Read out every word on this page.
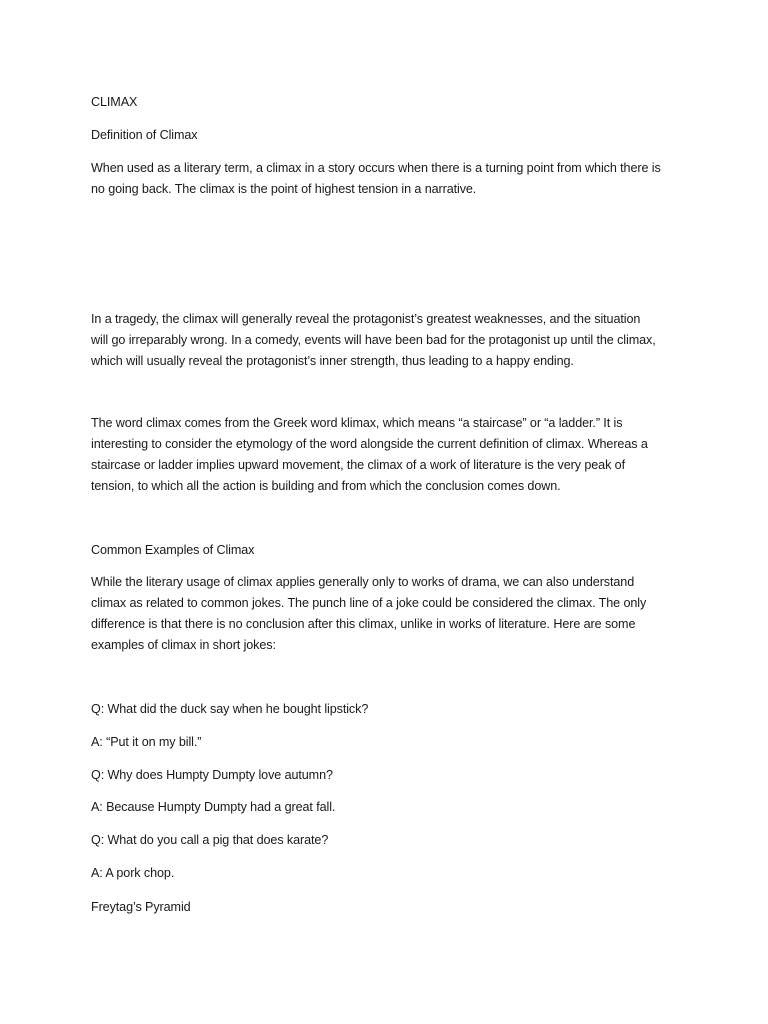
CLIMAX

Definition of Climax

When used as a literary term, a climax in a story occurs when there is a turning point from which there is

no going back. The climax is the point of highest tension in a narrative.

In a tragedy, the climax will generally reveal the protagonist’s greatest weaknesses, and the situation

will go irreparably wrong. In a comedy, events will have been bad for the protagonist up until the climax,

which will usually reveal the protagonist’s inner strength, thus leading to a happy ending.

The word climax comes from the Greek word klimax, which means “a staircase” or “a ladder.” It is

interesting to consider the etymology of the word alongside the current definition of climax. Whereas a

staircase or ladder implies upward movement, the climax of a work of literature is the very peak of

tension, to which all the action is building and from which the conclusion comes down.

Common Examples of Climax

While the literary usage of climax applies generally only to works of drama, we can also understand

climax as related to common jokes. The punch line of a joke could be considered the climax. The only

difference is that there is no conclusion after this climax, unlike in works of literature. Here are some

examples of climax in short jokes:

Q: What did the duck say when he bought lipstick?

A: “Put it on my bill.”

Q: Why does Humpty Dumpty love autumn?

A: Because Humpty Dumpty had a great fall.

Q: What do you call a pig that does karate?

A: A pork chop.

Freytag’s Pyramid
